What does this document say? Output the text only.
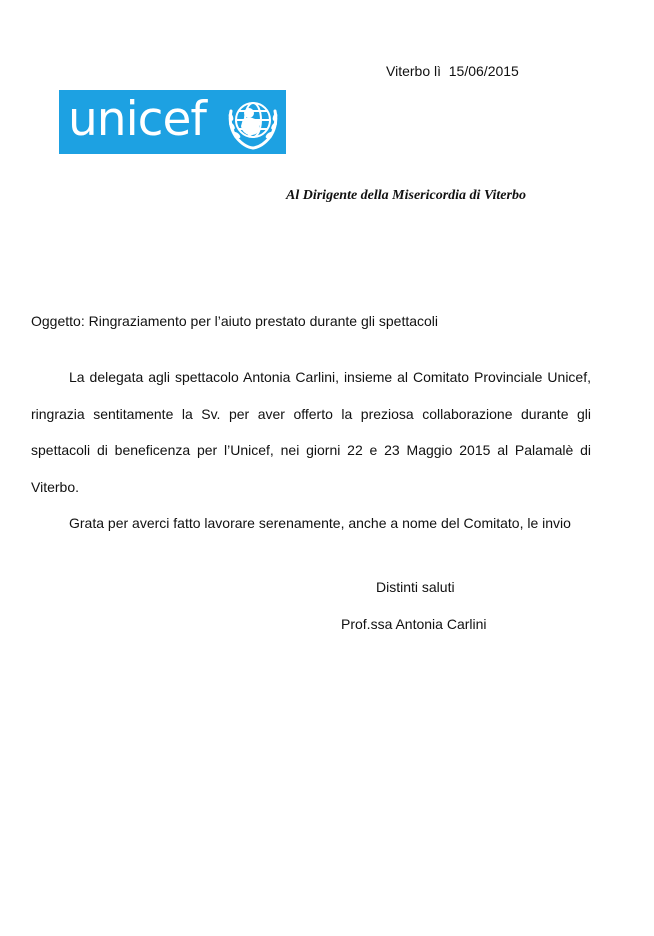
Viterbo lì  15/06/2015
unicef
Al Dirigente della Misericordia di Viterbo
Oggetto: Ringraziamento per l’aiuto prestato durante gli spettacoli

La delegata agli spettacolo Antonia Carlini, insieme al Comitato Provinciale Unicef, ringrazia sentitamente la Sv. per aver offerto la preziosa collaborazione durante gli spettacoli di beneficenza per l’Unicef, nei giorni 22 e 23 Maggio 2015 al Palamalè di Viterbo.

Grata per averci fatto lavorare serenamente, anche a nome del Comitato, le invio

Distinti saluti
Prof.ssa Antonia Carlini
